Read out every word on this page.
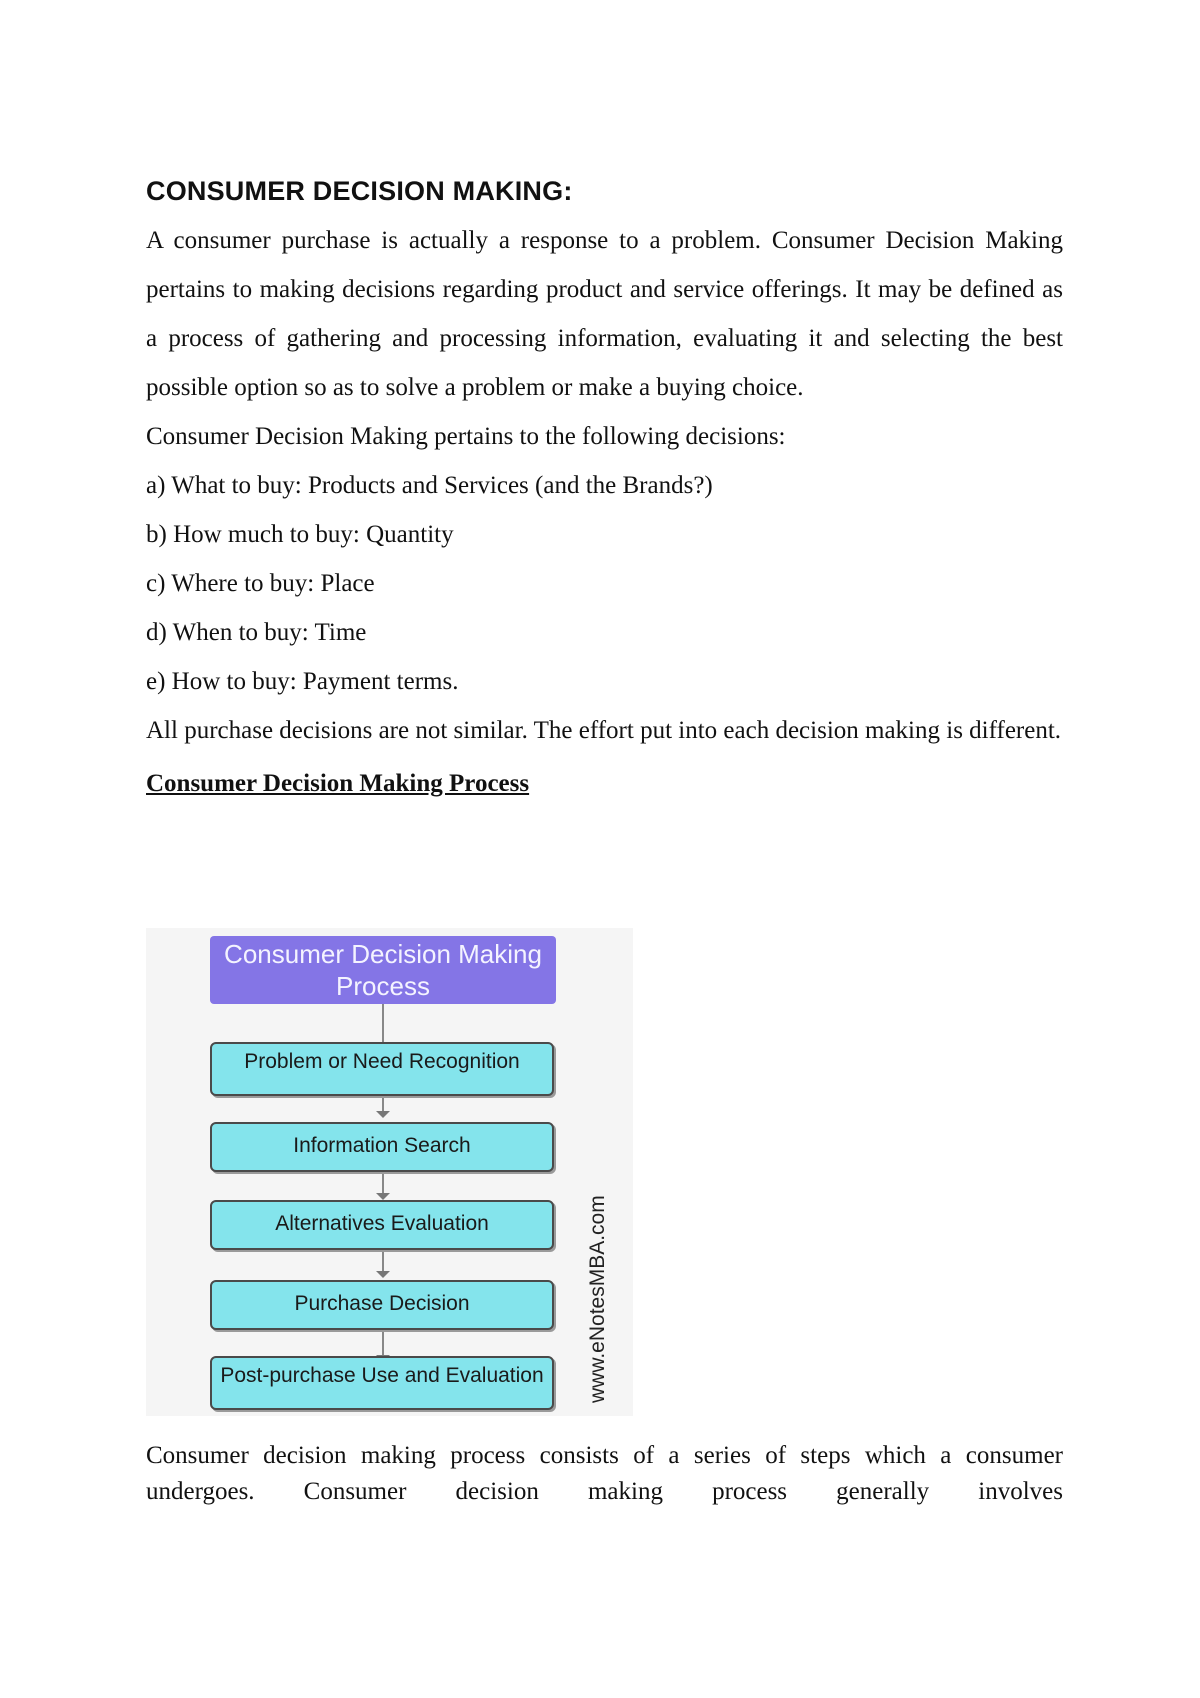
CONSUMER DECISION MAKING:

A consumer purchase is actually a response to a problem. Consumer Decision Making pertains to making decisions regarding product and service offerings. It may be defined as a process of gathering and processing information, evaluating it and selecting the best possible option so as to solve a problem or make a buying choice.

Consumer Decision Making pertains to the following decisions:

a) What to buy: Products and Services (and the Brands?)

b) How much to buy: Quantity

c) Where to buy: Place

d) When to buy: Time

e) How to buy: Payment terms.

All purchase decisions are not similar. The effort put into each decision making is different.

Consumer Decision Making Process

Consumer Decision Making Process
Problem or Need Recognition
Information Search
Alternatives Evaluation
Purchase Decision
Post-purchase Use and Evaluation	www.eNotesMBA.com

Consumer decision making process consists of a series of steps which a consumer undergoes. Consumer decision making process generally involves
